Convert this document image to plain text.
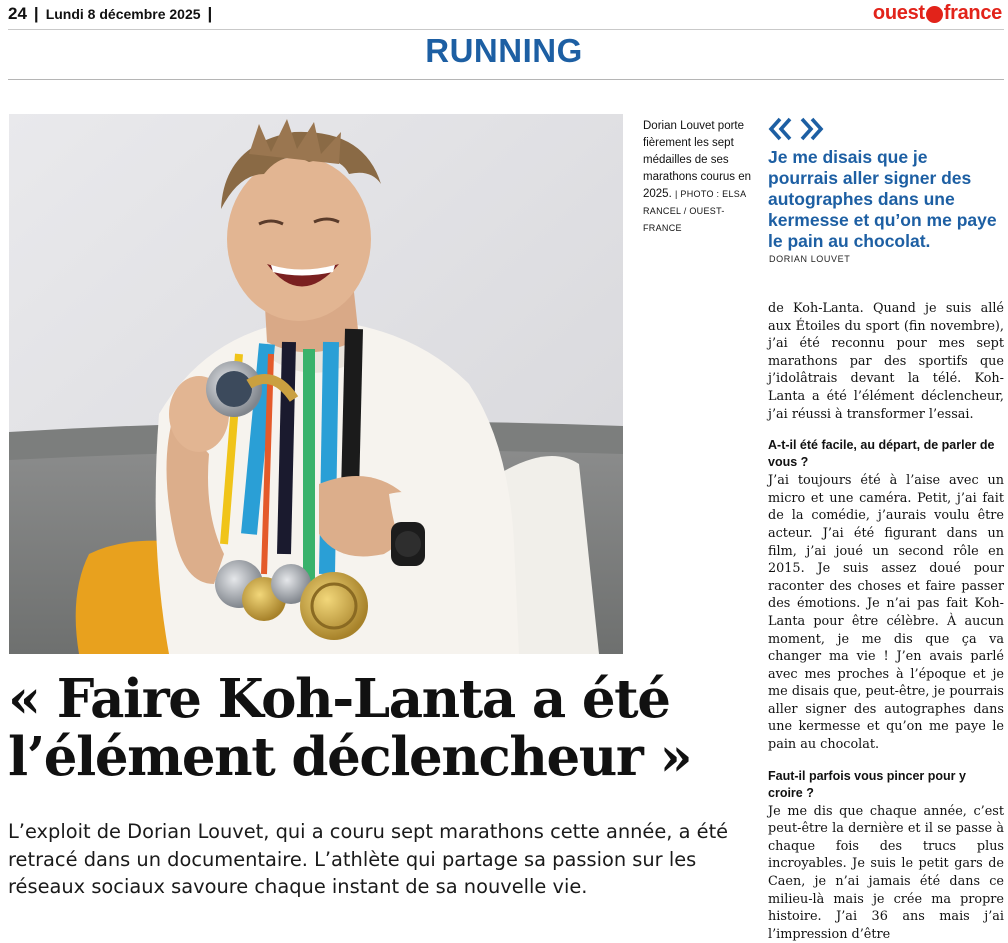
24 | Lundi 8 décembre 2025 |	ouest france
RUNNING
Dorian Louvet porte fièrement les sept médailles de ses marathons courus en 2025. | PHOTO : ELSA RANCEL / OUEST-FRANCE
Je me disais que je pourrais aller signer des autographes dans une kermesse et qu’on me paye le pain au chocolat.
DORIAN LOUVET

de Koh-Lanta. Quand je suis allé aux Étoiles du sport (fin novembre), j’ai été reconnu pour mes sept marathons par des sportifs que j’idolâtrais devant la télé. Koh-Lanta a été l’élément déclencheur, j’ai réussi à transformer l’essai.

A-t-il été facile, au départ, de parler de vous ?

J’ai toujours été à l’aise avec un micro et une caméra. Petit, j’ai fait de la comédie, j’aurais voulu être acteur. J’ai été figurant dans un film, j’ai joué un second rôle en 2015. Je suis assez doué pour raconter des choses et faire passer des émotions. Je n’ai pas fait Koh-Lanta pour être célèbre. À aucun moment, je me dis que ça va changer ma vie ! J’en avais parlé avec mes proches à l’époque et je me disais que, peut-être, je pourrais aller signer des autographes dans une kermesse et qu’on me paye le pain au chocolat.

Faut-il parfois vous pincer pour y croire ?

Je me dis que chaque année, c’est peut-être la dernière et il se passe à chaque fois des trucs plus incroyables. Je suis le petit gars de Caen, je n’ai jamais été dans ce milieu-là mais je crée ma propre histoire. J’ai 36 ans mais j’ai l’impression d’être

« Faire Koh-Lanta a été
l’élément déclencheur »
L’exploit de Dorian Louvet, qui a couru sept marathons cette année, a été retracé dans un documentaire. L’athlète qui partage sa passion sur les réseaux sociaux savoure chaque instant de sa nouvelle vie.
